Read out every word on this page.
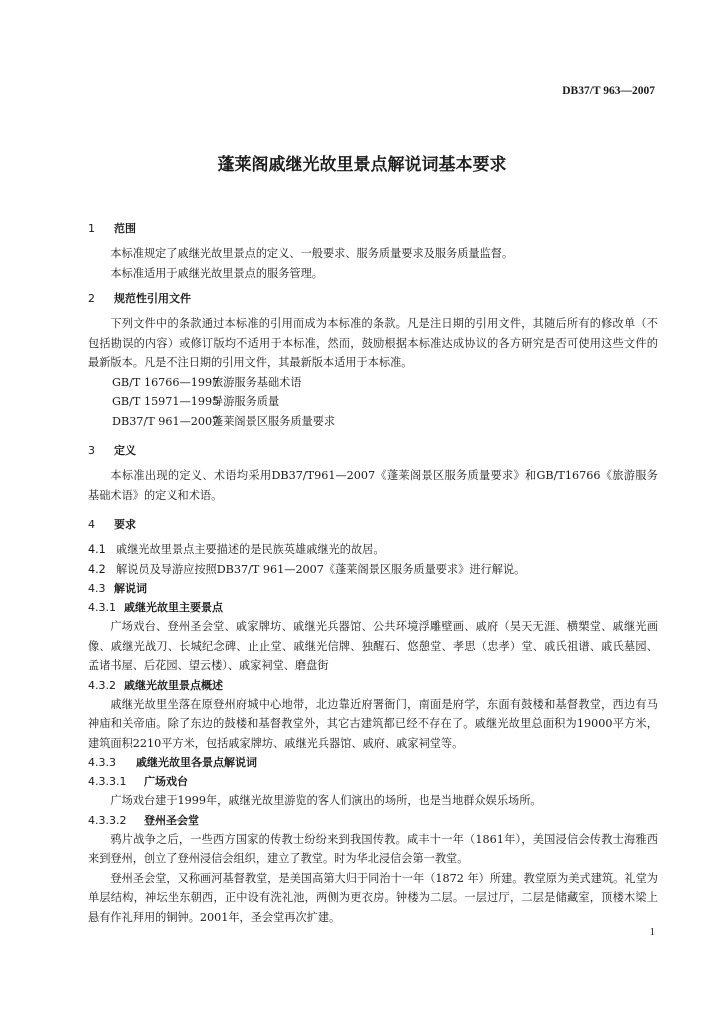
DB37/T 963—2007
蓬莱阁戚继光故里景点解说词基本要求
1 范围

本标准规定了戚继光故里景点的定义、一般要求、服务质量要求及服务质量监督。

本标准适用于戚继光故里景点的服务管理。

2 规范性引用文件

下列文件中的条款通过本标准的引用而成为本标准的条款。凡是注日期的引用文件，其随后所有的修改单（不包括勘误的内容）或修订版均不适用于本标准，然而，鼓励根据本标准达成协议的各方研究是否可使用这些文件的最新版本。凡是不注日期的引用文件，其最新版本适用于本标准。

GB/T 16766—1997旅游服务基础术语
GB/T 15971—1995导游服务质量
DB37/T 961—2007蓬莱阁景区服务质量要求
3 定义

本标准出现的定义、术语均采用DB37/T961—2007《蓬莱阁景区服务质量要求》和GB/T16766《旅游服务基础术语》的定义和术语。

4 要求
4.1 戚继光故里景点主要描述的是民族英雄戚继光的故居。
4.2 解说员及导游应按照DB37/T 961—2007《蓬莱阁景区服务质量要求》进行解说。
4.3 解说词
4.3.1 戚继光故里主要景点

广场戏台、登州圣会堂、戚家牌坊、戚继光兵器馆、公共环境浮雕壁画、戚府（昊天无涯、横槊堂、戚继光画像、戚继光战刀、长城纪念碑、止止堂、戚继光信牌、独醒石、悠憩堂、孝思（忠孝）堂、戚氏祖谱、戚氏墓园、孟诸书屋、后花园、望云楼）、戚家祠堂、磨盘街

4.3.2 戚继光故里景点概述

戚继光故里坐落在原登州府城中心地带，北边靠近府署衙门，南面是府学，东面有鼓楼和基督教堂，西边有马神庙和关帝庙。除了东边的鼓楼和基督教堂外，其它古建筑都已经不存在了。戚继光故里总面积为19000平方米，建筑面积2210平方米，包括戚家牌坊、戚继光兵器馆、戚府、戚家祠堂等。

4.3.3 戚继光故里各景点解说词
4.3.3.1 广场戏台

广场戏台建于1999年，戚继光故里游览的客人们演出的场所，也是当地群众娱乐场所。

4.3.3.2 登州圣会堂

鸦片战争之后，一些西方国家的传教士纷纷来到我国传教。咸丰十一年（1861年），美国浸信会传教士海雅西来到登州，创立了登州浸信会组织，建立了教堂。时为华北浸信会第一教堂。

登州圣会堂，又称画河基督教堂，是美国高第大归于同治十一年（1872 年）所建。教堂原为美式建筑。礼堂为单层结构，神坛坐东朝西，正中设有洗礼池，两侧为更衣房。钟楼为二层。一层过厅，二层是储藏室，顶楼木梁上悬有作礼拜用的铜钟。2001年，圣会堂再次扩建。

1
